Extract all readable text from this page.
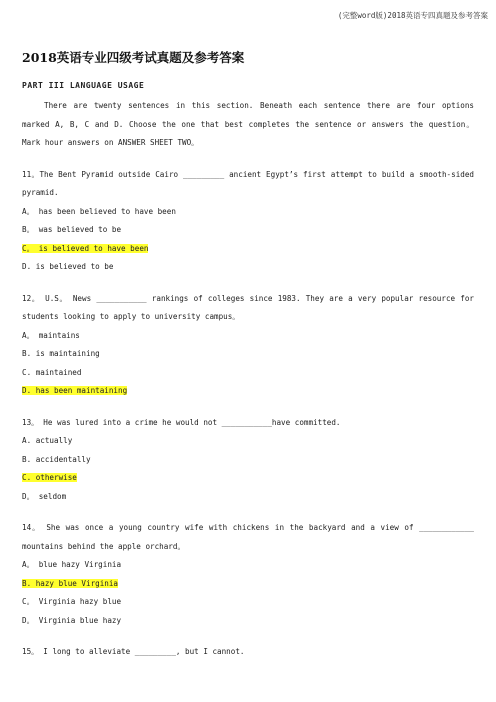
(完整word版)2018英语专四真题及参考答案
2018英语专业四级考试真题及参考答案
PART III LANGUAGE USAGE

There are twenty sentences in this section. Beneath each sentence there are four options marked A, B, C and D. Choose the one that best completes the sentence or answers the question。 Mark hour answers on ANSWER SHEET TWO。

11。The Bent Pyramid outside Cairo _________ ancient Egypt’s first attempt to build a smooth-sided pyramid.

A。 has been believed to have been

B。 was believed to be

C。 is believed to have been

D. is believed to be

12。 U.S。 News ___________ rankings of colleges since 1983. They are a very popular resource for students looking to apply to university campus。

A。 maintains

B. is maintaining

C. maintained

D. has been maintaining

13。 He was lured into a crime he would not ___________have committed.

A. actually

B. accidentally

C. otherwise

D。 seldom

14。 She was once a young country wife with chickens in the backyard and a view of ____________ mountains behind the apple orchard。

A。 blue hazy Virginia

B. hazy blue Virginia

C。 Virginia hazy blue

D。 Virginia blue hazy

15。 I long to alleviate _________, but I cannot.
